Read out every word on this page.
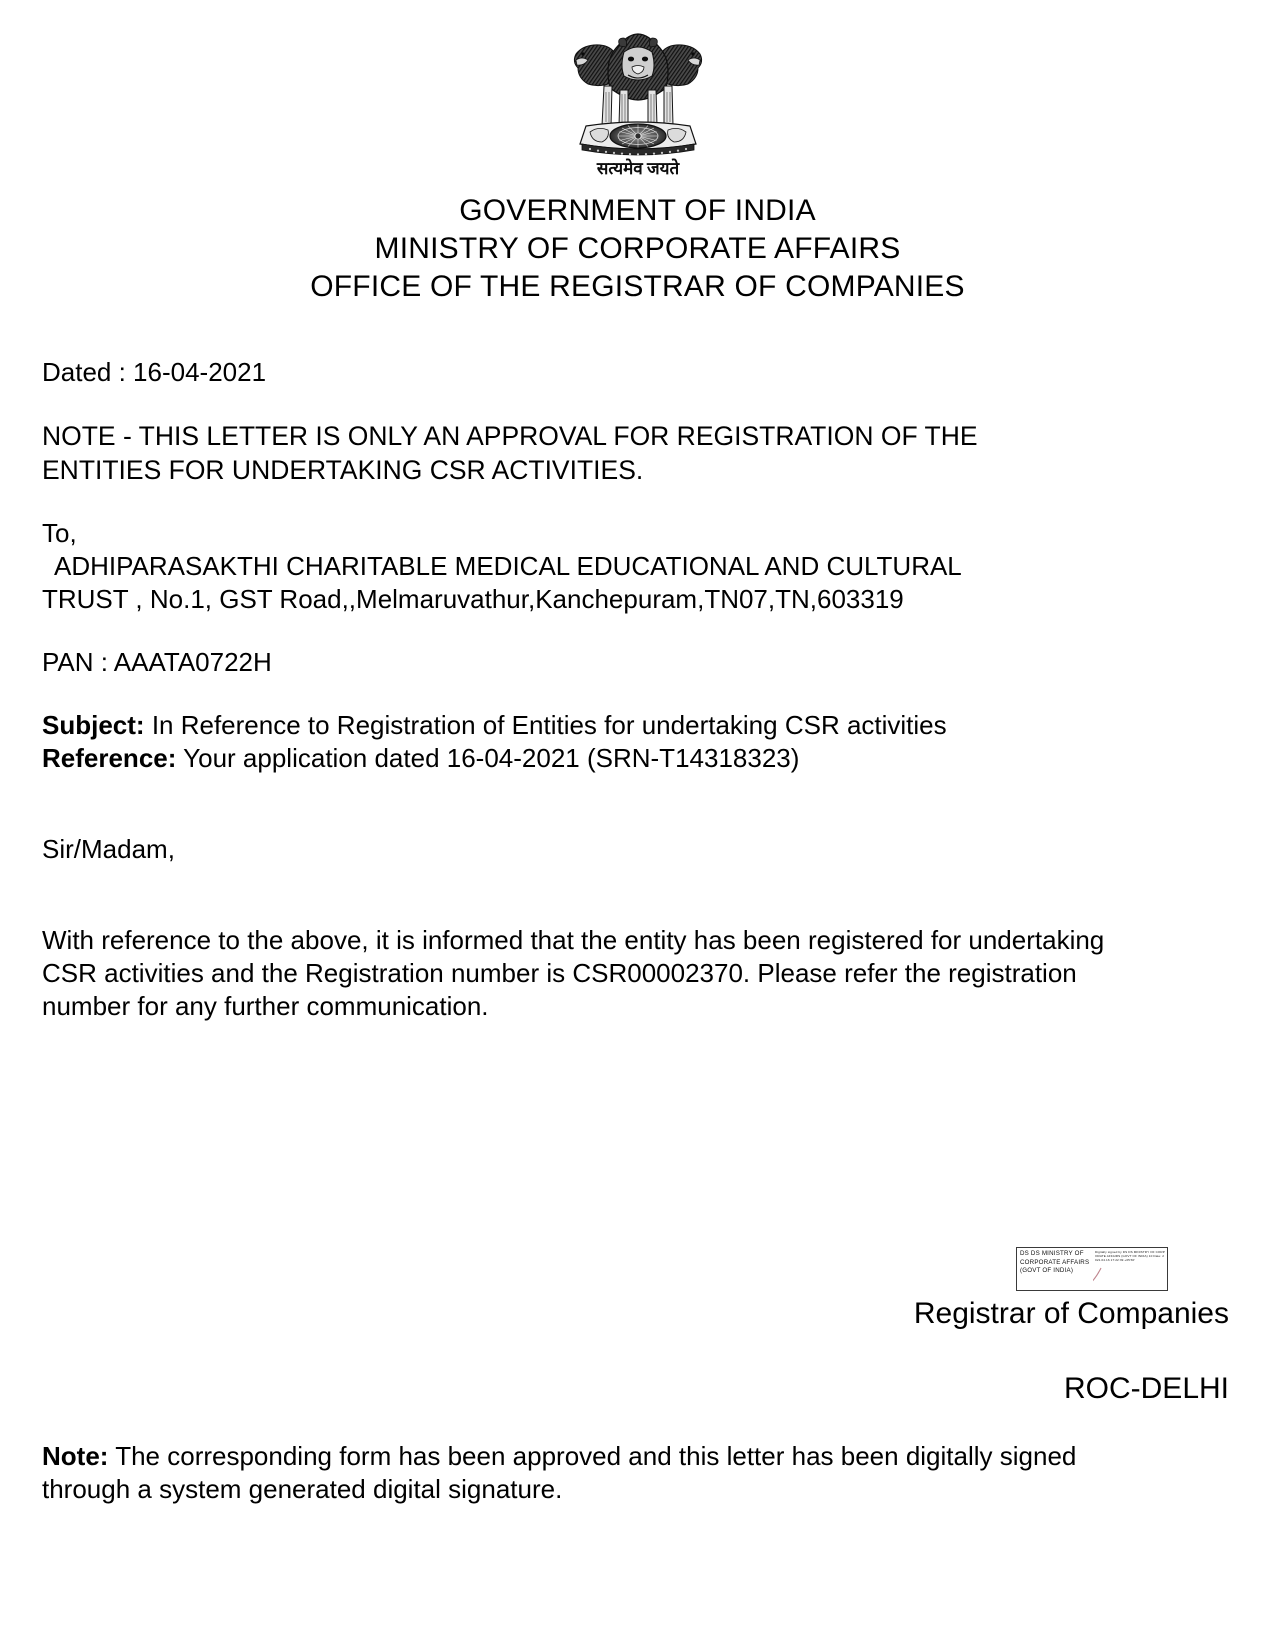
सत्यमेव जयते
GOVERNMENT OF INDIA
MINISTRY OF CORPORATE AFFAIRS
OFFICE OF THE REGISTRAR OF COMPANIES

Dated : 16-04-2021

NOTE - THIS LETTER IS ONLY AN APPROVAL FOR REGISTRATION OF THE

ENTITIES FOR UNDERTAKING CSR ACTIVITIES.

To,

ADHIPARASAKTHI CHARITABLE MEDICAL EDUCATIONAL AND CULTURAL

TRUST , No.1, GST Road,,Melmaruvathur,Kanchepuram,TN07,TN,603319

PAN : AAATA0722H

Subject: In Reference to Registration of Entities for undertaking CSR activities

Reference: Your application dated 16-04-2021 (SRN-T14318323)

Sir/Madam,

With reference to the above, it is informed that the entity has been registered for undertaking

CSR activities and the Registration number is CSR00002370. Please refer the registration

number for any further communication.

DS DS MINISTRY OF CORPORATE AFFAIRS (GOVT OF INDIA)
Digitally signed by DS DS MINISTRY OF CORPORATE AFFAIRS (GOVT OF INDIA) 10 Date: 2021.04.16 17:22:39 +05'30'
Registrar of Companies
ROC-DELHI

Note: The corresponding form has been approved and this letter has been digitally signed

through a system generated digital signature.
